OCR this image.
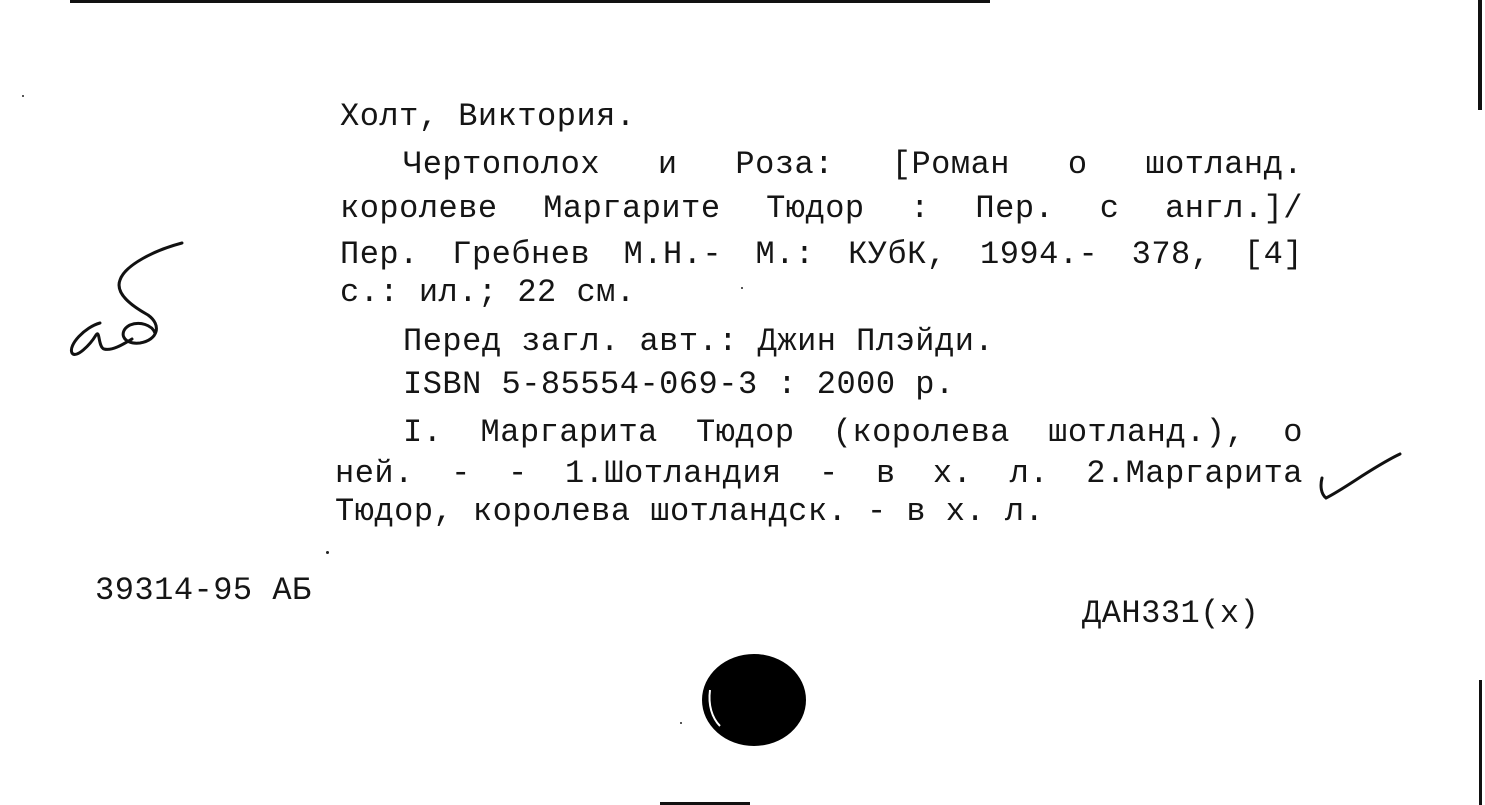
Холт, Виктория.
Чертополох и Роза: [Роман о шотланд.
королеве Маргарите Тюдор : Пер. с англ.]/
Пер. Гребнев М.Н.- М.: КУбК, 1994.- 378, [4]
с.: ил.; 22 см.
Перед загл. авт.: Джин Плэйди.
ISBN 5-85554-069-3 : 2000 р.
I. Маргарита Тюдор (королева шотланд.), о
ней. - - 1.Шотландия - в х. л. 2.Маргарита
Тюдор, королева шотландск. - в х. л.
39314-95 АБ
ДАН331(х)
